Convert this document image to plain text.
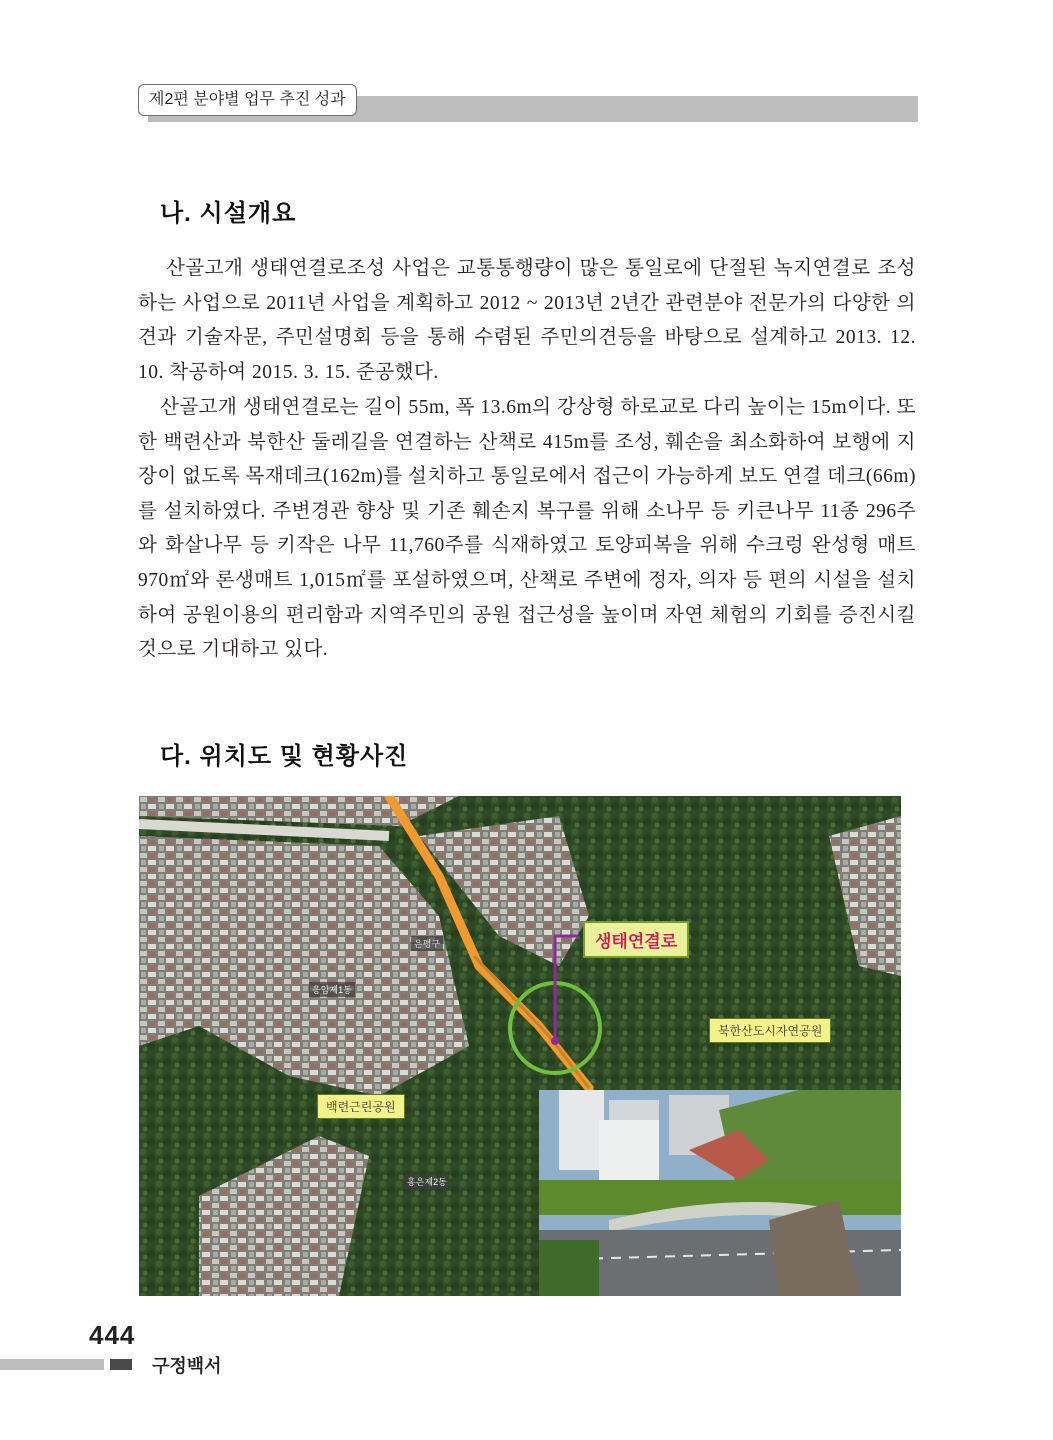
제2편 분야별 업무 추진 성과
나. 시설개요

산골고개 생태연결로조성 사업은 교통통행량이 많은 통일로에 단절된 녹지연결로 조성하는 사업으로 2011년 사업을 계획하고 2012 ~ 2013년 2년간 관련분야 전문가의 다양한 의견과 기술자문, 주민설명회 등을 통해 수렴된 주민의견등을 바탕으로 설계하고 2013. 12. 10. 착공하여 2015. 3. 15. 준공했다.

산골고개 생태연결로는 길이 55m, 폭 13.6m의 강상형 하로교로 다리 높이는 15m이다. 또한 백련산과 북한산 둘레길을 연결하는 산책로 415m를 조성, 훼손을 최소화하여 보행에 지장이 없도록 목재데크(162m)를 설치하고 통일로에서 접근이 가능하게 보도 연결 데크(66m)를 설치하였다. 주변경관 향상 및 기존 훼손지 복구를 위해 소나무 등 키큰나무 11종 296주와 화살나무 등 키작은 나무 11,760주를 식재하였고 토양피복을 위해 수크렁 완성형 매트 970㎡와 론생매트 1,015㎡를 포설하였으며, 산책로 주변에 정자, 의자 등 편의 시설을 설치하여 공원이용의 편리함과 지역주민의 공원 접근성을 높이며 자연 체험의 기회를 증진시킬 것으로 기대하고 있다.

다. 위치도 및 현황사진
생태연결로
북한산도시자연공원
백련근린공원
은평구
응암제1동
홍은제2동
444
구정백서
